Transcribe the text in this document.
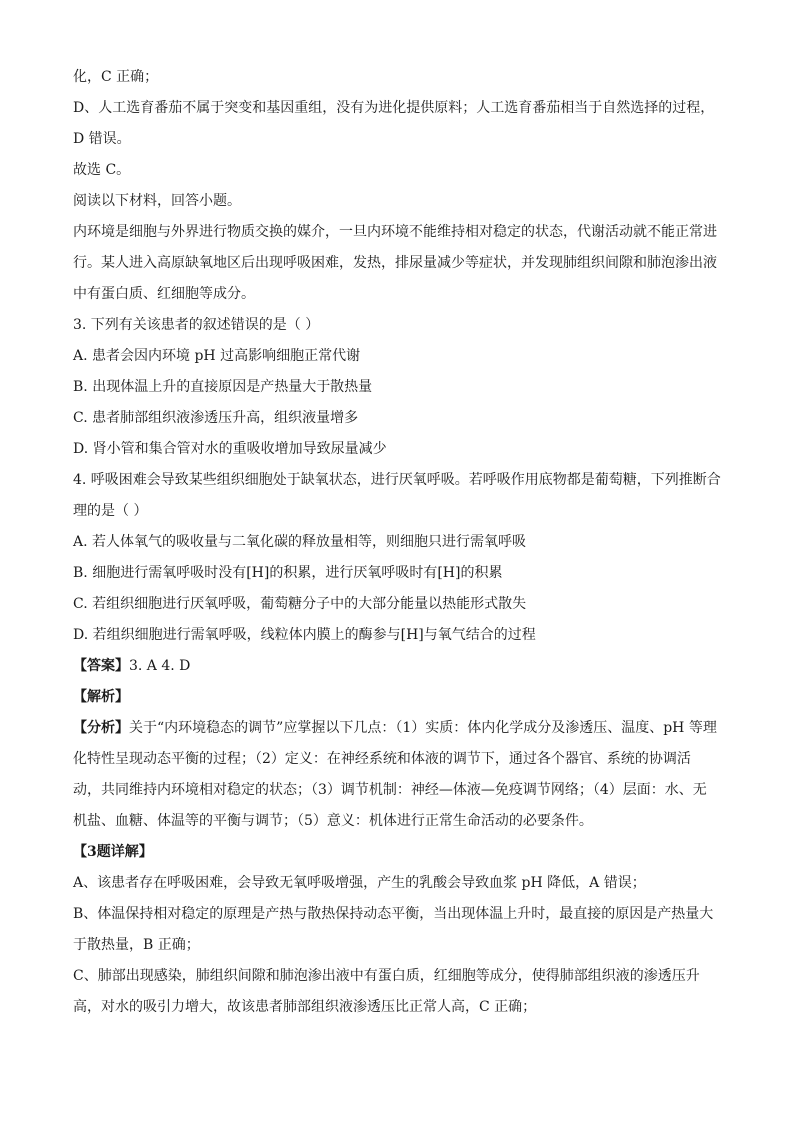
化，C 正确；
D、人工选育番茄不属于突变和基因重组，没有为进化提供原料；人工选育番茄相当于自然选择的过程，
D 错误。
故选 C。
阅读以下材料，回答小题。
内环境是细胞与外界进行物质交换的媒介，一旦内环境不能维持相对稳定的状态，代谢活动就不能正常进
行。某人进入高原缺氧地区后出现呼吸困难，发热，排尿量减少等症状，并发现肺组织间隙和肺泡渗出液
中有蛋白质、红细胞等成分。
3. 下列有关该患者的叙述错误的是（ ）
A. 患者会因内环境 pH 过高影响细胞正常代谢
B. 出现体温上升的直接原因是产热量大于散热量
C. 患者肺部组织液渗透压升高，组织液量增多
D. 肾小管和集合管对水的重吸收增加导致尿量减少
4. 呼吸困难会导致某些组织细胞处于缺氧状态，进行厌氧呼吸。若呼吸作用底物都是葡萄糖，下列推断合
理的是（ ）
A. 若人体氧气的吸收量与二氧化碳的释放量相等，则细胞只进行需氧呼吸
B. 细胞进行需氧呼吸时没有[H]的积累，进行厌氧呼吸时有[H]的积累
C. 若组织细胞进行厌氧呼吸，葡萄糖分子中的大部分能量以热能形式散失
D. 若组织细胞进行需氧呼吸，线粒体内膜上的酶参与[H]与氧气结合的过程
【答案】3. A 4. D
【解析】
【分析】关于“内环境稳态的调节”应掌握以下几点：（1）实质：体内化学成分及渗透压、温度、pH 等理
化特性呈现动态平衡的过程；（2）定义：在神经系统和体液的调节下，通过各个器官、系统的协调活
动，共同维持内环境相对稳定的状态；（3）调节机制：神经—体液—免疫调节网络；（4）层面：水、无
机盐、血糖、体温等的平衡与调节；（5）意义：机体进行正常生命活动的必要条件。
【3题详解】
A、该患者存在呼吸困难，会导致无氧呼吸增强，产生的乳酸会导致血浆 pH 降低，A 错误；
B、体温保持相对稳定的原理是产热与散热保持动态平衡，当出现体温上升时，最直接的原因是产热量大
于散热量，B 正确；
C、肺部出现感染，肺组织间隙和肺泡渗出液中有蛋白质，红细胞等成分，使得肺部组织液的渗透压升
高，对水的吸引力增大，故该患者肺部组织液渗透压比正常人高，C 正确；
